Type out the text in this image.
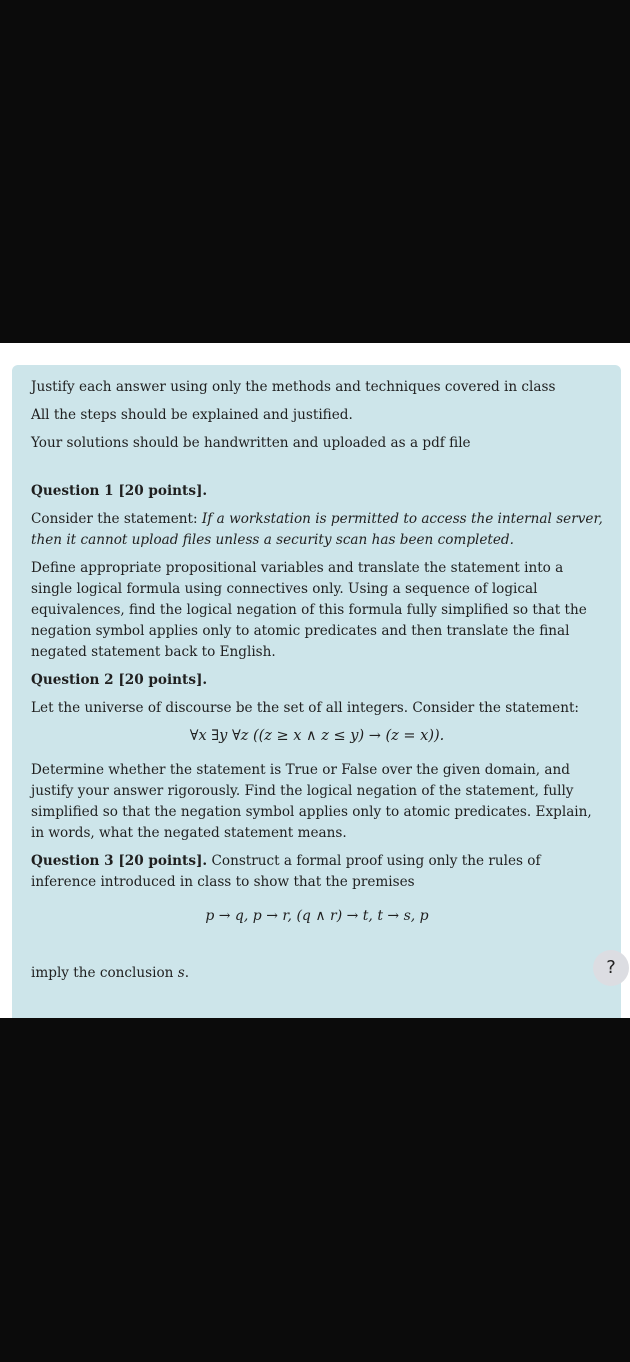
Justify each answer using only the methods and techniques covered in class

All the steps should be explained and justified.

Your solutions should be handwritten and uploaded as a pdf file

Question 1 [20 points].

Consider the statement: If a workstation is permitted to access the internal server, then it cannot upload files unless a security scan has been completed.

Define appropriate propositional variables and translate the statement into a single logical formula using connectives only. Using a sequence of logical equivalences, find the logical negation of this formula fully simplified so that the negation symbol applies only to atomic predicates and then translate the final negated statement back to English.

Question 2 [20 points].

Let the universe of discourse be the set of all integers. Consider the statement:

∀x ∃y ∀z ((z ≥ x ∧ z ≤ y) → (z = x)).

Determine whether the statement is True or False over the given domain, and justify your answer rigorously. Find the logical negation of the statement, fully simplified so that the negation symbol applies only to atomic predicates. Explain, in words, what the negated statement means.

Question 3 [20 points]. Construct a formal proof using only the rules of inference introduced in class to show that the premises

p → q, p → r, (q ∧ r) → t, t → s, p

imply the conclusion s.	?
